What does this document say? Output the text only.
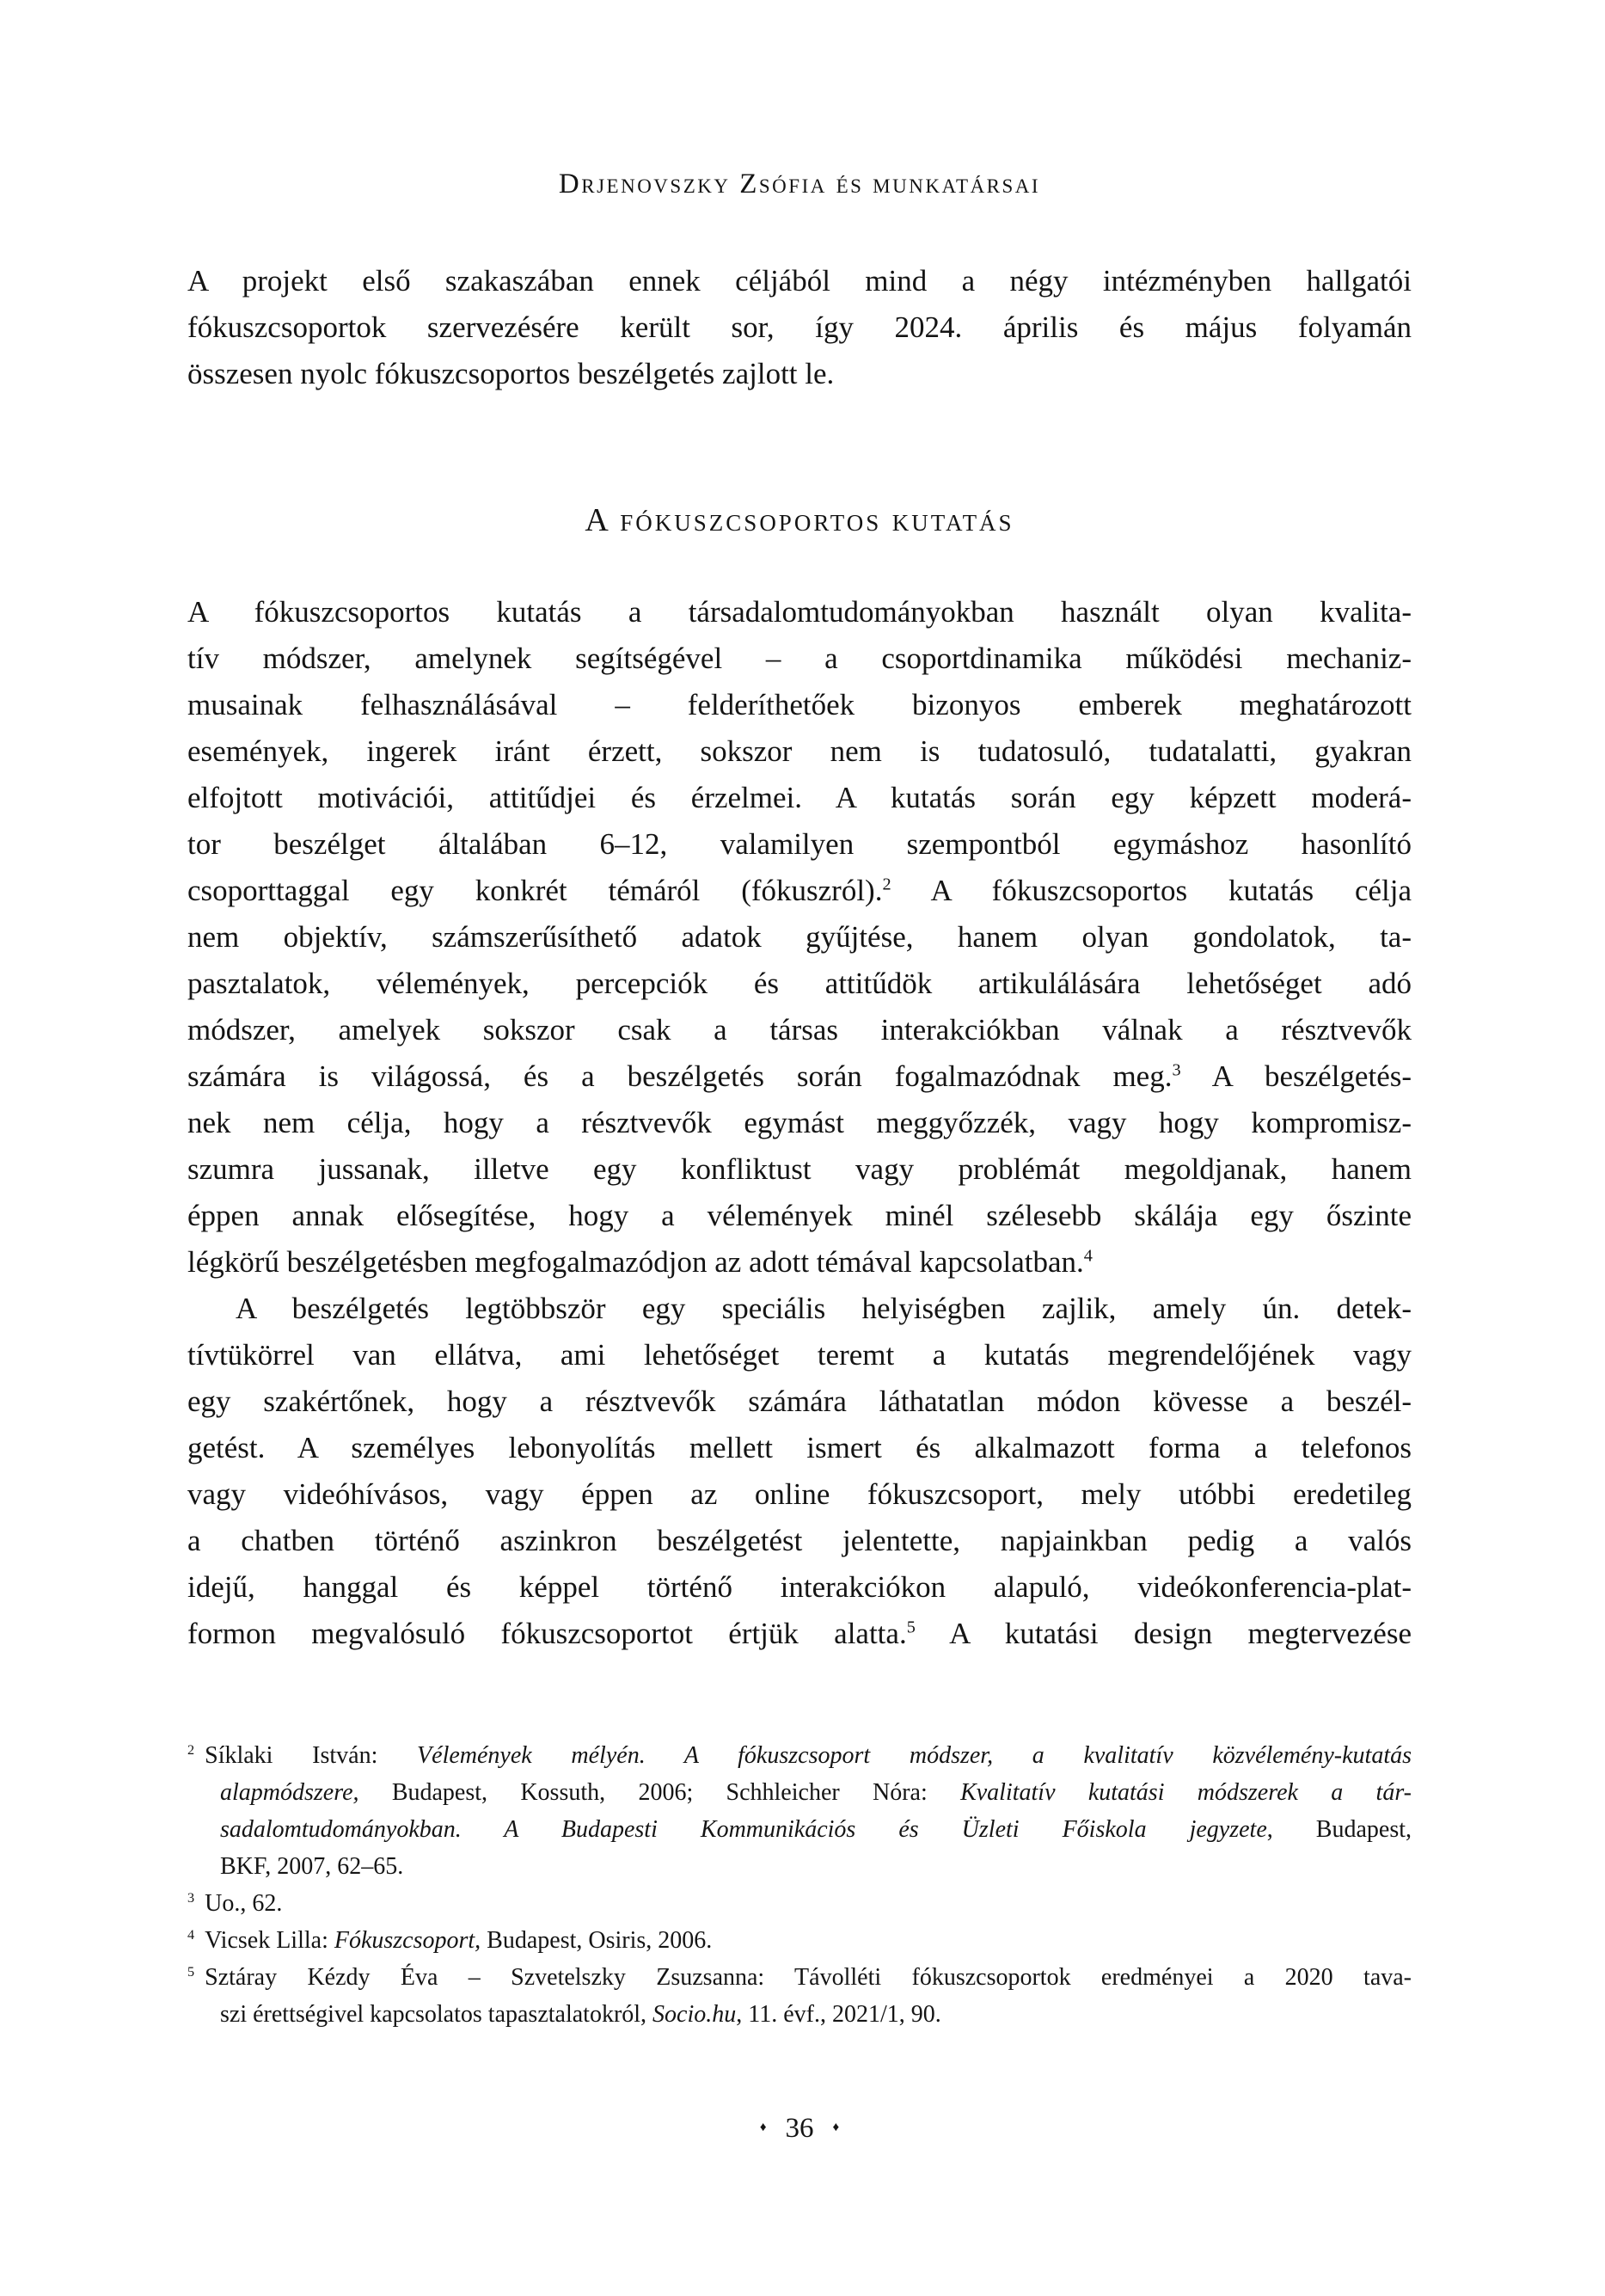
Drjenovszky Zsófia és munkatársai
A projekt első szakaszában ennek céljából mind a négy intézményben hallgatói
fókuszcsoportok szervezésére került sor, így 2024. április és május folyamán
összesen nyolc fókuszcsoportos beszélgetés zajlott le.
A fókuszcsoportos kutatás
A fókuszcsoportos kutatás a társadalomtudományokban használt olyan kvalita-
tív módszer, amelynek segítségével – a csoportdinamika működési mechaniz-
musainak felhasználásával – felderíthetőek bizonyos emberek meghatározott
események, ingerek iránt érzett, sokszor nem is tudatosuló, tudatalatti, gyakran
elfojtott motivációi, attitűdjei és érzelmei. A kutatás során egy képzett moderá-
tor beszélget általában 6–12, valamilyen szempontból egymáshoz hasonlító
csoporttaggal egy konkrét témáról (fókuszról).$^2$ A fókuszcsoportos kutatás célja
nem objektív, számszerűsíthető adatok gyűjtése, hanem olyan gondolatok, ta-
pasztalatok, vélemények, percepciók és attitűdök artikulálására lehetőséget adó
módszer, amelyek sokszor csak a társas interakciókban válnak a résztvevők
számára is világossá, és a beszélgetés során fogalmazódnak meg.$^3$ A beszélgetés-
nek nem célja, hogy a résztvevők egymást meggyőzzék, vagy hogy kompromisz-
szumra jussanak, illetve egy konfliktust vagy problémát megoldjanak, hanem
éppen annak elősegítése, hogy a vélemények minél szélesebb skálája egy őszinte
légkörű beszélgetésben megfogalmazódjon az adott témával kapcsolatban.$^4$
A beszélgetés legtöbbször egy speciális helyiségben zajlik, amely ún. detek-
tívtükörrel van ellátva, ami lehetőséget teremt a kutatás megrendelőjének vagy
egy szakértőnek, hogy a résztvevők számára láthatatlan módon kövesse a beszél-
getést. A személyes lebonyolítás mellett ismert és alkalmazott forma a telefonos
vagy videóhívásos, vagy éppen az online fókuszcsoport, mely utóbbi eredetileg
a chatben történő aszinkron beszélgetést jelentette, napjainkban pedig a valós
idejű, hanggal és képpel történő interakciókon alapuló, videókonferencia-plat-
formon megvalósuló fókuszcsoportot értjük alatta.$^5$ A kutatási design megtervezése
$^2$ Síklaki István: Vélemények mélyén. A fókuszcsoport módszer, a kvalitatív közvélemény-kutatás
alapmódszere, Budapest, Kossuth, 2006; Schhleicher Nóra: Kvalitatív kutatási módszerek a tár-
sadalomtudományokban. A Budapesti Kommunikációs és Üzleti Főiskola jegyzete, Budapest,
BKF, 2007, 62–65.
$^3$ Uo., 62.
$^4$ Vicsek Lilla: Fókuszcsoport, Budapest, Osiris, 2006.
$^5$ Sztáray Kézdy Éva – Szvetelszky Zsuzsanna: Távolléti fókuszcsoportok eredményei a 2020 tava-
szi érettségivel kapcsolatos tapasztalatokról, Socio.hu, 11. évf., 2021/1, 90.
♦ 36 ♦
